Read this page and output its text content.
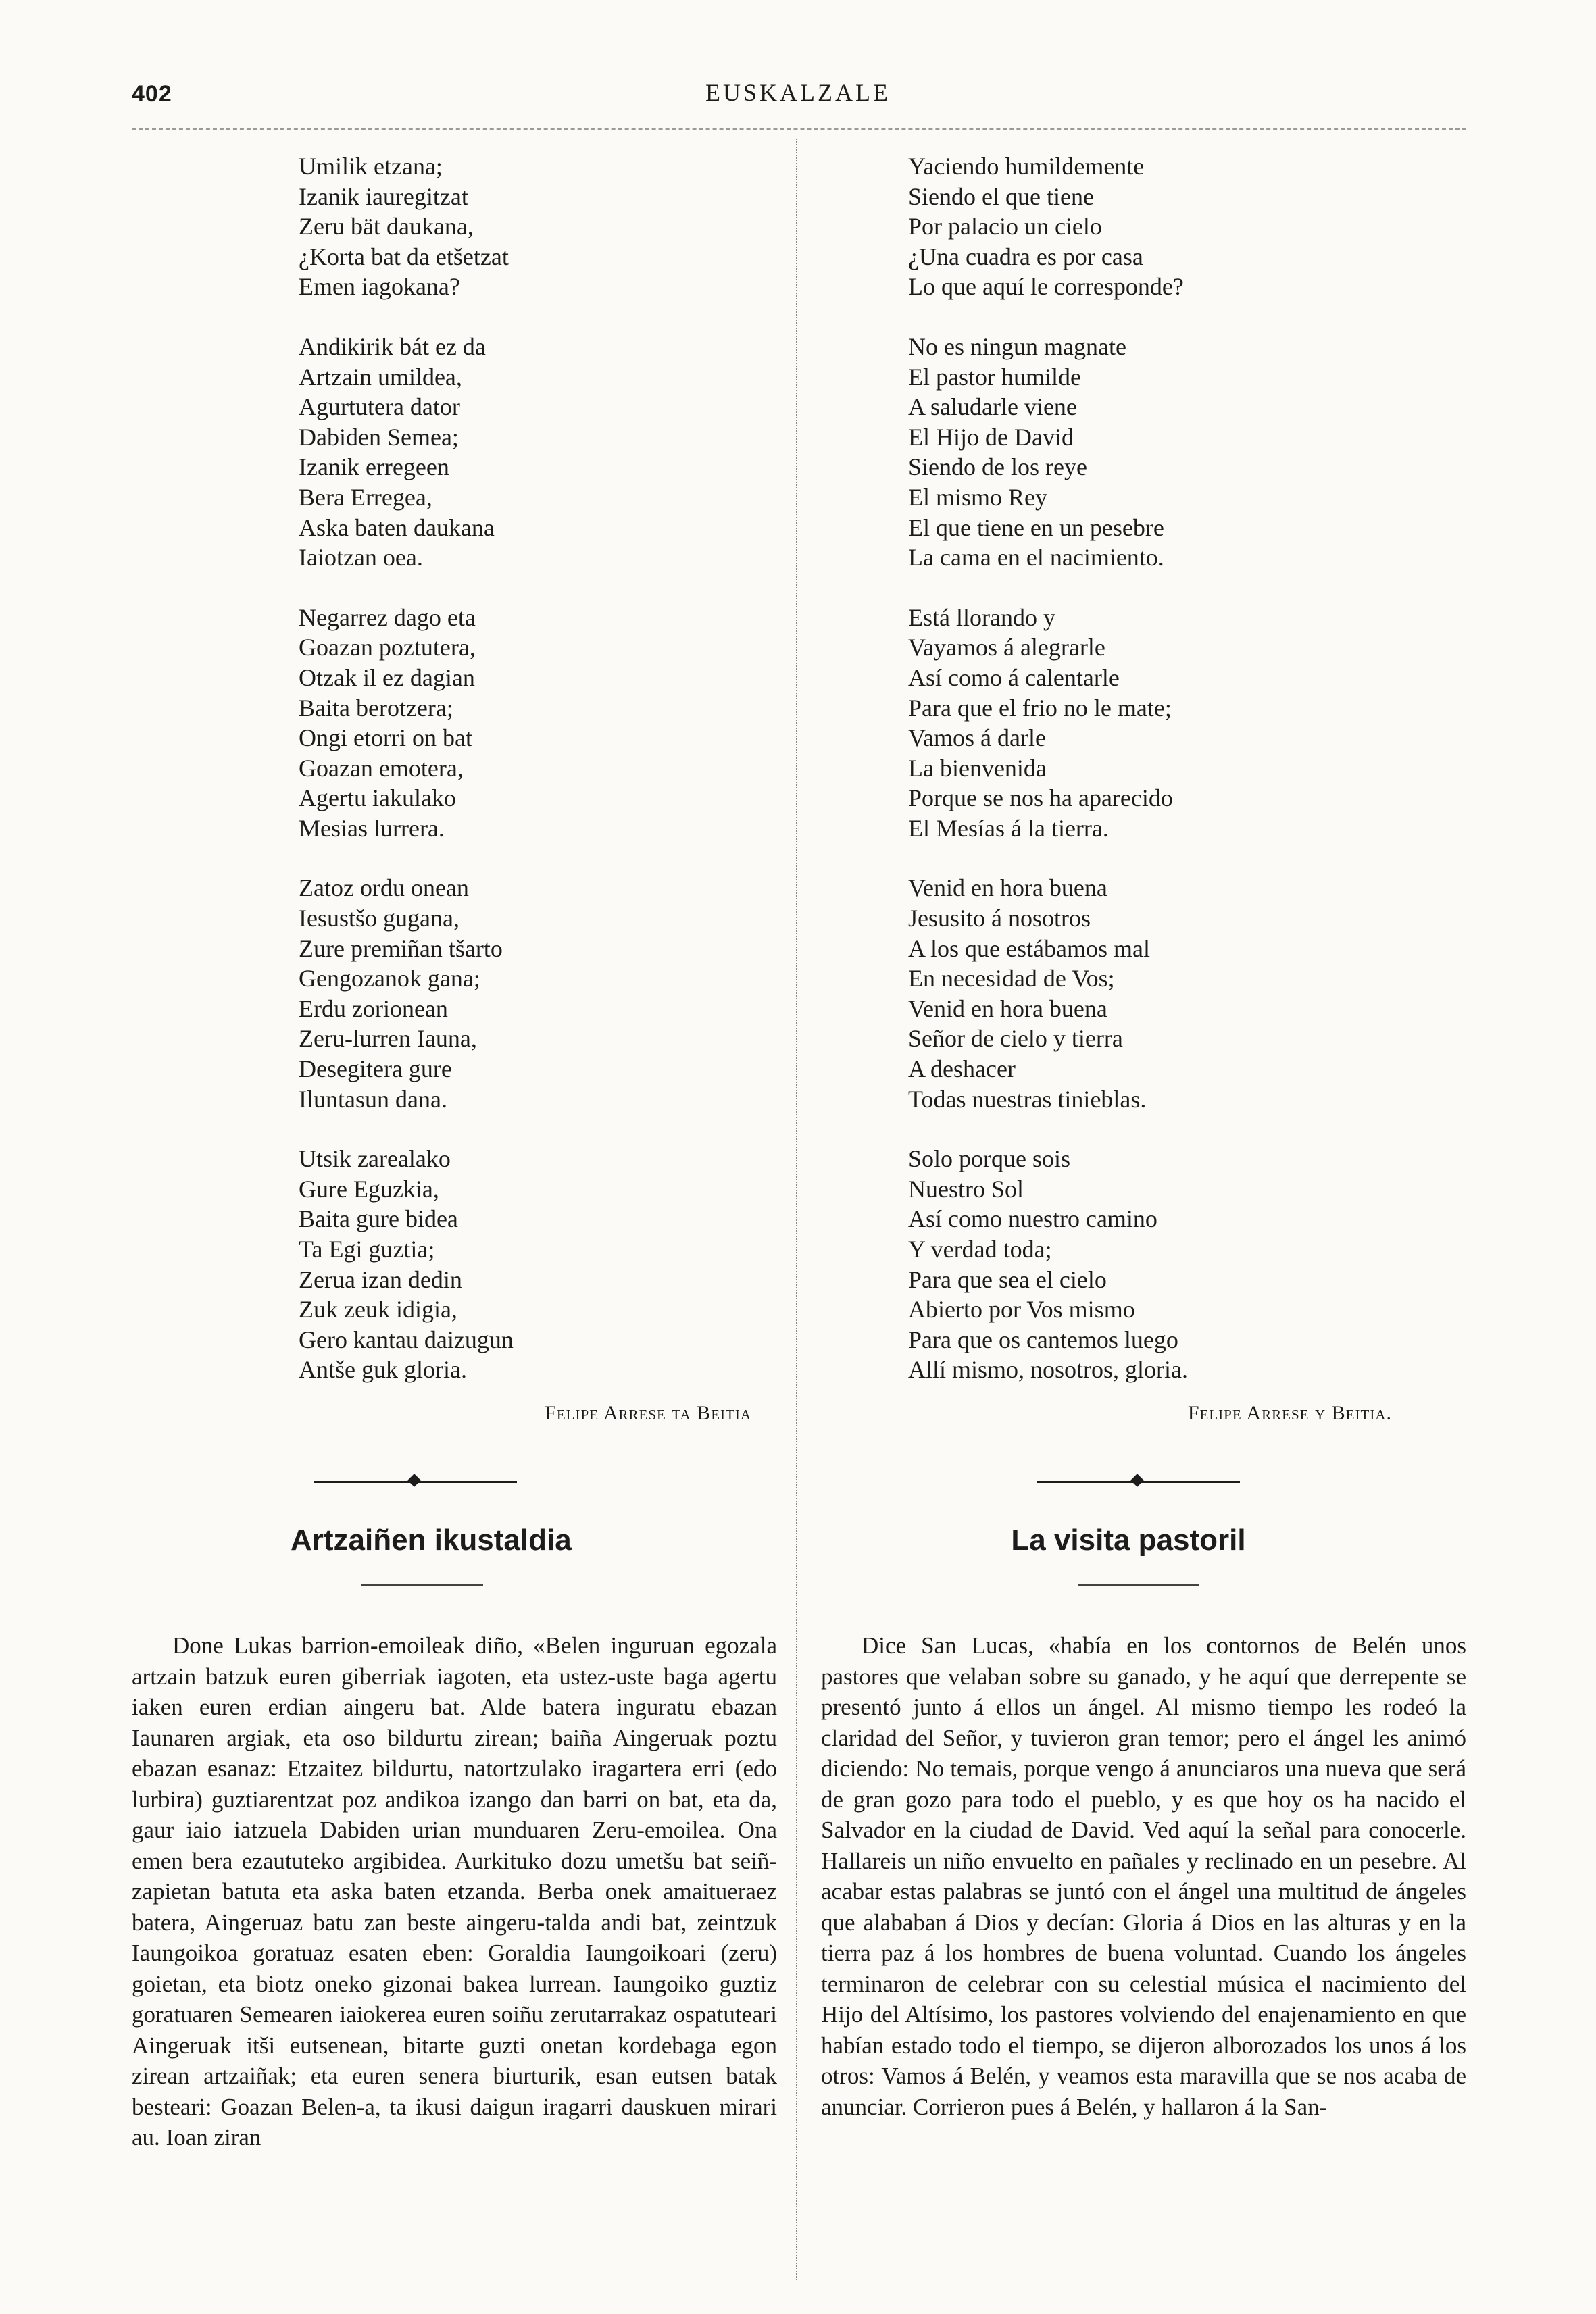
402	EUSKALZALE
Umilik etzana;
Izanik iauregitzat
Zeru bät daukana,
¿Korta bat da etšetzat
Emen iagokana?
Andikirik bát ez da
Artzain umildea,
Agurtutera dator
Dabiden Semea;
Izanik erregeen
Bera Erregea,
Aska baten daukana
Iaiotzan oea.
Negarrez dago eta
Goazan poztutera,
Otzak il ez dagian
Baita berotzera;
Ongi etorri on bat
Goazan emotera,
Agertu iakulako
Mesias lurrera.
Zatoz ordu onean
Iesustšo gugana,
Zure premiñan tšarto
Gengozanok gana;
Erdu zorionean
Zeru-lurren Iauna,
Desegitera gure
Iluntasun dana.
Utsik zarealako
Gure Eguzkia,
Baita gure bidea
Ta Egi guztia;
Zerua izan dedin
Zuk zeuk idigia,
Gero kantau daizugun
Antše guk gloria.
Felipe Arrese ta Beitia
Artzaiñen ikustaldia

Done Lukas barrion-emoileak diño, «Belen inguruan egozala artzain batzuk euren giberriak iagoten, eta ustez-uste baga agertu iaken euren erdian aingeru bat. Alde batera inguratu ebazan Iaunaren argiak, eta oso bildurtu zirean; baiña Aingeruak poztu ebazan esanaz: Etzaitez bildurtu, natortzulako iragartera erri (edo lurbira) guztiarentzat poz andikoa izango dan barri on bat, eta da, gaur iaio iatzuela Dabiden urian munduaren Zeru-emoilea. Ona emen bera ezaututeko argibidea. Aurkituko dozu umetšu bat seiñ-zapietan batuta eta aska baten etzanda. Berba onek amaitueraez batera, Aingeruaz batu zan beste aingeru-talda andi bat, zeintzuk Iaungoikoa goratuaz esaten eben: Goraldia Iaungoikoari (zeru) goietan, eta biotz oneko gizonai bakea lurrean. Iaungoiko guztiz goratuaren Semearen iaiokerea euren soiñu zerutarrakaz ospatuteari Aingeruak itši eutsenean, bitarte guzti onetan kordebaga egon zirean artzaiñak; eta euren senera biurturik, esan eutsen batak besteari: Goazan Belen-a, ta ikusi daigun iragarri dauskuen mirari au. Ioan ziran

Yaciendo humildemente
Siendo el que tiene
Por palacio un cielo
¿Una cuadra es por casa
Lo que aquí le corresponde?
No es ningun magnate
El pastor humilde
A saludarle viene
El Hijo de David
Siendo de los reye
El mismo Rey
El que tiene en un pesebre
La cama en el nacimiento.
Está llorando y
Vayamos á alegrarle
Así como á calentarle
Para que el frio no le mate;
Vamos á darle
La bienvenida
Porque se nos ha aparecido
El Mesías á la tierra.
Venid en hora buena
Jesusito á nosotros
A los que estábamos mal
En necesidad de Vos;
Venid en hora buena
Señor de cielo y tierra
A deshacer
Todas nuestras tinieblas.
Solo porque sois
Nuestro Sol
Así como nuestro camino
Y verdad toda;
Para que sea el cielo
Abierto por Vos mismo
Para que os cantemos luego
Allí mismo, nosotros, gloria.
Felipe Arrese y Beitia.
La visita pastoril

Dice San Lucas, «había en los contornos de Belén unos pastores que velaban sobre su ganado, y he aquí que derrepente se presentó junto á ellos un ángel. Al mismo tiempo les rodeó la claridad del Señor, y tuvieron gran temor; pero el ángel les animó diciendo: No temais, porque vengo á anunciaros una nueva que será de gran gozo para todo el pueblo, y es que hoy os ha nacido el Salvador en la ciudad de David. Ved aquí la señal para conocerle. Hallareis un niño envuelto en pañales y reclinado en un pesebre. Al acabar estas palabras se juntó con el ángel una multitud de ángeles que alababan á Dios y decían: Gloria á Dios en las alturas y en la tierra paz á los hombres de buena voluntad. Cuando los ángeles terminaron de celebrar con su celestial música el nacimiento del Hijo del Altísimo, los pastores volviendo del enajenamiento en que habían estado todo el tiempo, se dijeron alborozados los unos á los otros: Vamos á Belén, y veamos esta maravilla que se nos acaba de anunciar. Corrieron pues á Belén, y hallaron á la San-
